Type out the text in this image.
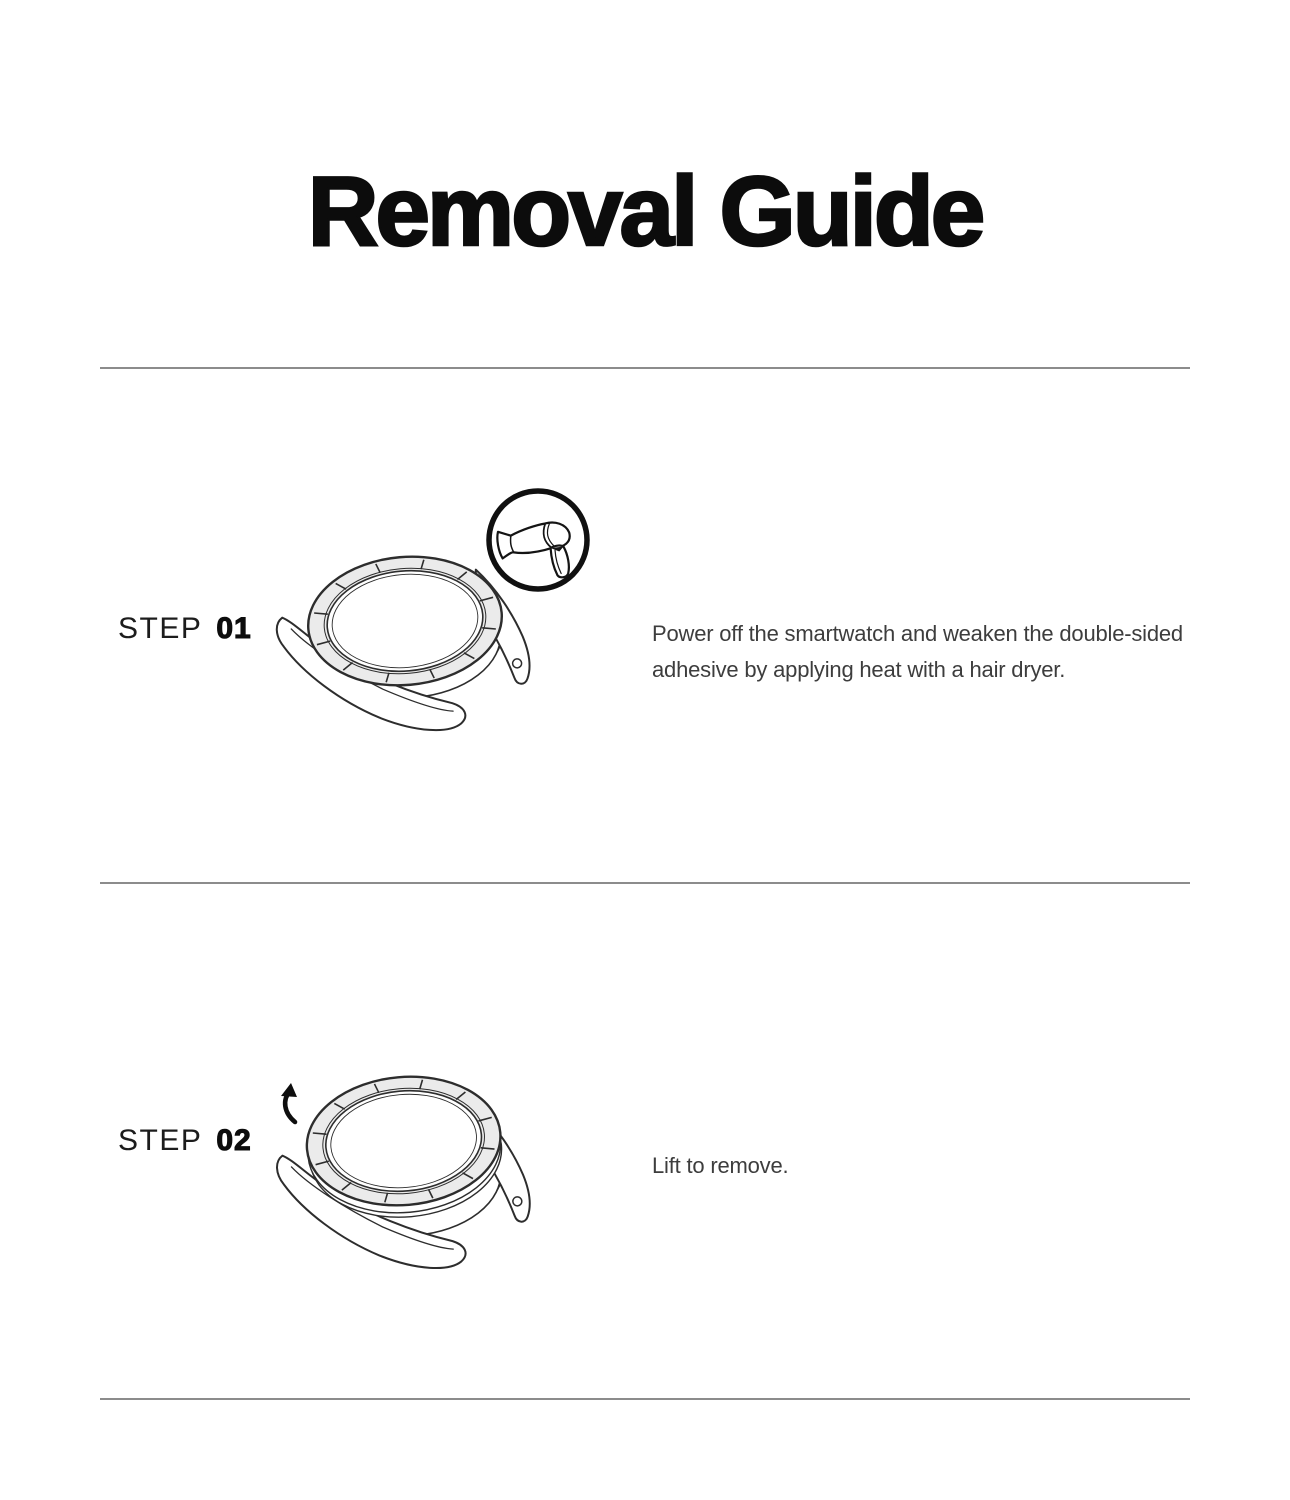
Removal Guide
STEP 01	Power off the smartwatch and weaken the double-sided adhesive by applying heat with a hair dryer.

STEP 02

Lift to remove.
